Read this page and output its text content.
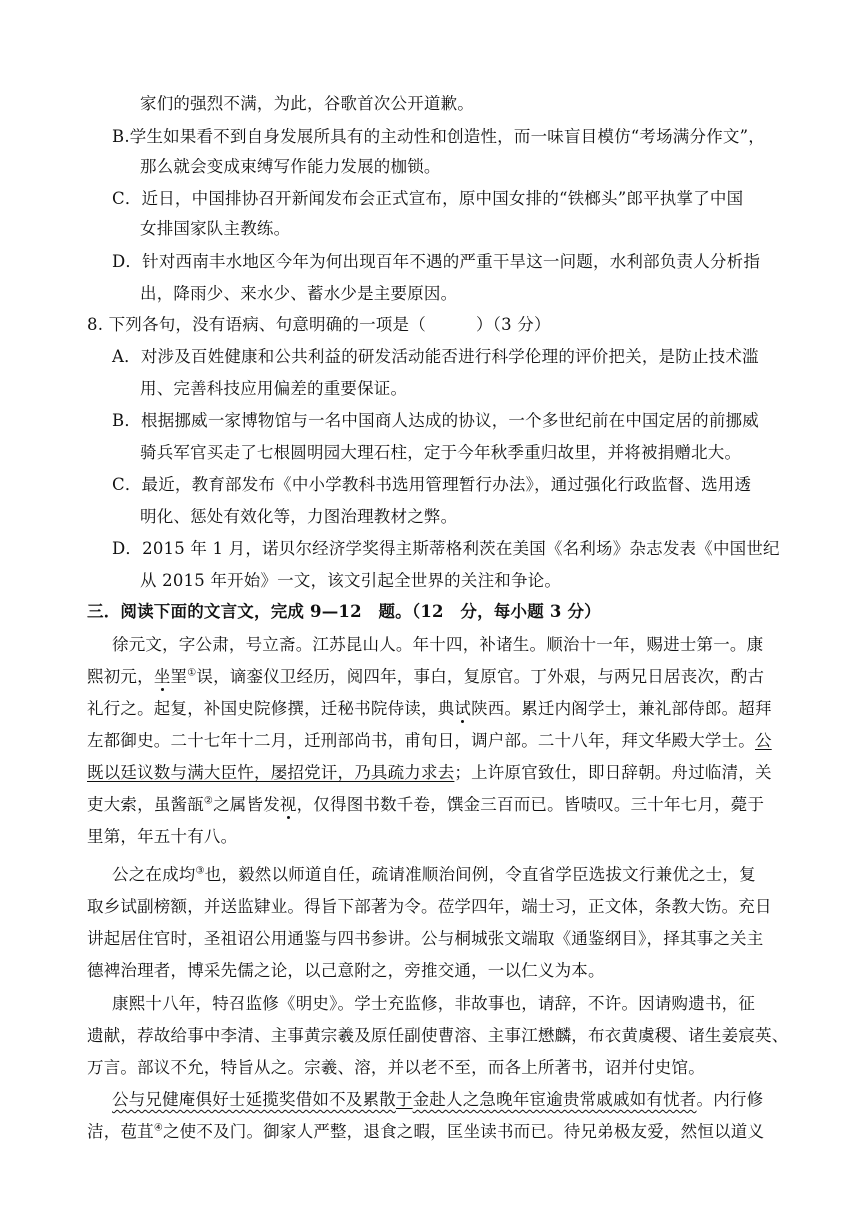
家们的强烈不满，为此，谷歌首次公开道歉。
B.学生如果看不到自身发展所具有的主动性和创造性，而一味盲目模仿“考场满分作文”，
那么就会变成束缚写作能力发展的枷锁。
C．近日，中国排协召开新闻发布会正式宣布，原中国女排的“铁榔头”郎平执掌了中国
女排国家队主教练。
D．针对西南丰水地区今年为何出现百年不遇的严重干旱这一问题，水利部负责人分析指
出，降雨少、来水少、蓄水少是主要原因。
8. 下列各句，没有语病、句意明确的一项是（　　　）（3 分）
A．对涉及百姓健康和公共利益的研发活动能否进行科学伦理的评价把关，是防止技术滥
用、完善科技应用偏差的重要保证。
B．根据挪威一家博物馆与一名中国商人达成的协议，一个多世纪前在中国定居的前挪威
骑兵军官买走了七根圆明园大理石柱，定于今年秋季重归故里，并将被捐赠北大。
C．最近，教育部发布《中小学教科书选用管理暂行办法》，通过强化行政监督、选用透
明化、惩处有效化等，力图治理教材之弊。
D．2015 年 1 月，诺贝尔经济学奖得主斯蒂格利茨在美国《名利场》杂志发表《中国世纪
从 2015 年开始》一文，该文引起全世界的关注和争论。
三．阅读下面的文言文，完成 9—12　题。（12　分，每小题 3 分）
徐元文，字公肃，号立斋。江苏昆山人。年十四，补诸生。顺治十一年，赐进士第一。康
熙初元，坐罣①误，谪銮仪卫经历，阅四年，事白，复原官。丁外艰，与两兄日居丧次，酌古
礼行之。起复，补国史院修撰，迁秘书院侍读，典试陕西。累迁内阁学士，兼礼部侍郎。超拜
左都御史。二十七年十二月，迁刑部尚书，甫旬日，调户部。二十八年，拜文华殿大学士。公
既以廷议数与满大臣忤，屡招党讦，乃具疏力求去；上许原官致仕，即日辞朝。舟过临清，关
吏大索，虽酱瓿②之属皆发视，仅得图书数千卷，馔金三百而已。皆啧叹。三十年七月，薨于
里第，年五十有八。
公之在成均③也，毅然以师道自任，疏请准顺治间例，令直省学臣选拔文行兼优之士，复
取乡试副榜额，并送监肄业。得旨下部著为令。莅学四年，端士习，正文体，条教大饬。充日
讲起居住官时，圣祖诏公用通鉴与四书参讲。公与桐城张文端取《通鉴纲目》，择其事之关主
德裨治理者，博采先儒之论，以己意附之，旁推交通，一以仁义为本。
康熙十八年，特召监修《明史》。学士充监修，非故事也，请辞，不许。因请购遗书，征
遗献，荐故给事中李清、主事黄宗羲及原任副使曹溶、主事江懋麟，布衣黄虞稷、诸生姜宸英、
万言。部议不允，特旨从之。宗羲、溶，并以老不至，而各上所著书，诏并付史馆。
公与兄健庵俱好士延揽奖借如不及累散于金赴人之急晚年宦逾贵常戚戚如有忧者。内行修
洁，苞苴④之使不及门。御家人严整，退食之暇，匡坐读书而已。待兄弟极友爱，然恒以道义
